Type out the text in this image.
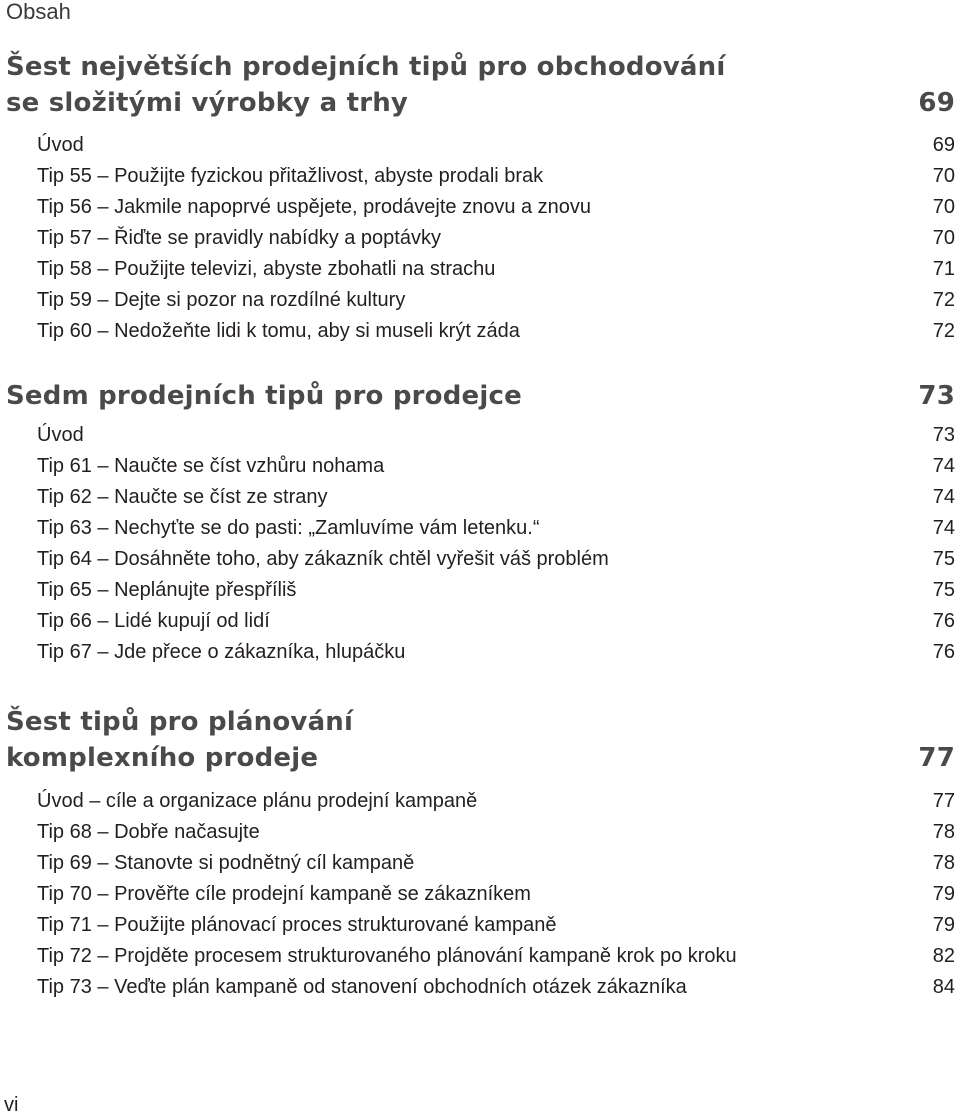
Obsah
Šest největších prodejních tipů pro obchodování
se složitými výrobky a trhy	69
Úvod	69
Tip 55 – Použijte fyzickou přitažlivost, abyste prodali brak	70
Tip 56 – Jakmile napoprvé uspějete, prodávejte znovu a znovu	70
Tip 57 – Řiďte se pravidly nabídky a poptávky	70
Tip 58 – Použijte televizi, abyste zbohatli na strachu	71
Tip 59 – Dejte si pozor na rozdílné kultury	72
Tip 60 – Nedožeňte lidi k tomu, aby si museli krýt záda	72
Sedm prodejních tipů pro prodejce	73
Úvod	73
Tip 61 – Naučte se číst vzhůru nohama	74
Tip 62 – Naučte se číst ze strany	74
Tip 63 – Nechyťte se do pasti: „Zamluvíme vám letenku.“	74
Tip 64 – Dosáhněte toho, aby zákazník chtěl vyřešit váš problém	75
Tip 65 – Neplánujte přespříliš	75
Tip 66 – Lidé kupují od lidí	76
Tip 67 – Jde přece o zákazníka, hlupáčku	76
Šest tipů pro plánování
komplexního prodeje	77
Úvod – cíle a organizace plánu prodejní kampaně	77
Tip 68 – Dobře načasujte	78
Tip 69 – Stanovte si podnětný cíl kampaně	78
Tip 70 – Prověřte cíle prodejní kampaně se zákazníkem	79
Tip 71 – Použijte plánovací proces strukturované kampaně	79
Tip 72 – Projděte procesem strukturovaného plánování kampaně krok po kroku	82
Tip 73 – Veďte plán kampaně od stanovení obchodních otázek zákazníka	84
vi
